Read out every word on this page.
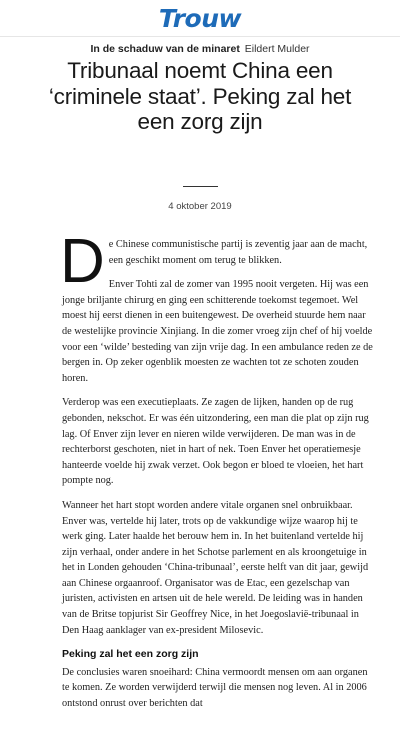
Trouw
In de schaduw van de minaret Eildert Mulder
Tribunaal noemt China een ‘criminele staat’. Peking zal het een zorg zijn
4 oktober 2019

De Chinese communistische partij is zeventig jaar aan de macht, een geschikt moment om terug te blikken.

Enver Tohti zal de zomer van 1995 nooit vergeten. Hij was een jonge briljante chirurg en ging een schitterende toekomst tegemoet. Wel moest hij eerst dienen in een buitengewest. De overheid stuurde hem naar de westelijke provincie Xinjiang. In die zomer vroeg zijn chef of hij voelde voor een ‘wilde’ besteding van zijn vrije dag. In een ambulance reden ze de bergen in. Op zeker ogenblik moesten ze wachten tot ze schoten zouden horen.

Verderop was een executieplaats. Ze zagen de lijken, handen op de rug gebonden, nekschot. Er was één uitzondering, een man die plat op zijn rug lag. Of Enver zijn lever en nieren wilde verwijderen. De man was in de rechterborst geschoten, niet in hart of nek. Toen Enver het operatiemesje hanteerde voelde hij zwak verzet. Ook begon er bloed te vloeien, het hart pompte nog.

Wanneer het hart stopt worden andere vitale organen snel onbruikbaar. Enver was, vertelde hij later, trots op de vakkundige wijze waarop hij te werk ging. Later haalde het berouw hem in. In het buitenland vertelde hij zijn verhaal, onder andere in het Schotse parlement en als kroongetuige in het in Londen gehouden ‘China-tribunaal’, eerste helft van dit jaar, gewijd aan Chinese orgaanroof. Organisator was de Etac, een gezelschap van juristen, activisten en artsen uit de hele wereld. De leiding was in handen van de Britse topjurist Sir Geoffrey Nice, in het Joegoslavië-tribunaal in Den Haag aanklager van ex-president Milosevic.

Peking zal het een zorg zijn

De conclusies waren snoeihard: China vermoordt mensen om aan organen te komen. Ze worden verwijderd terwijl die mensen nog leven. Al in 2006 ontstond onrust over berichten dat
